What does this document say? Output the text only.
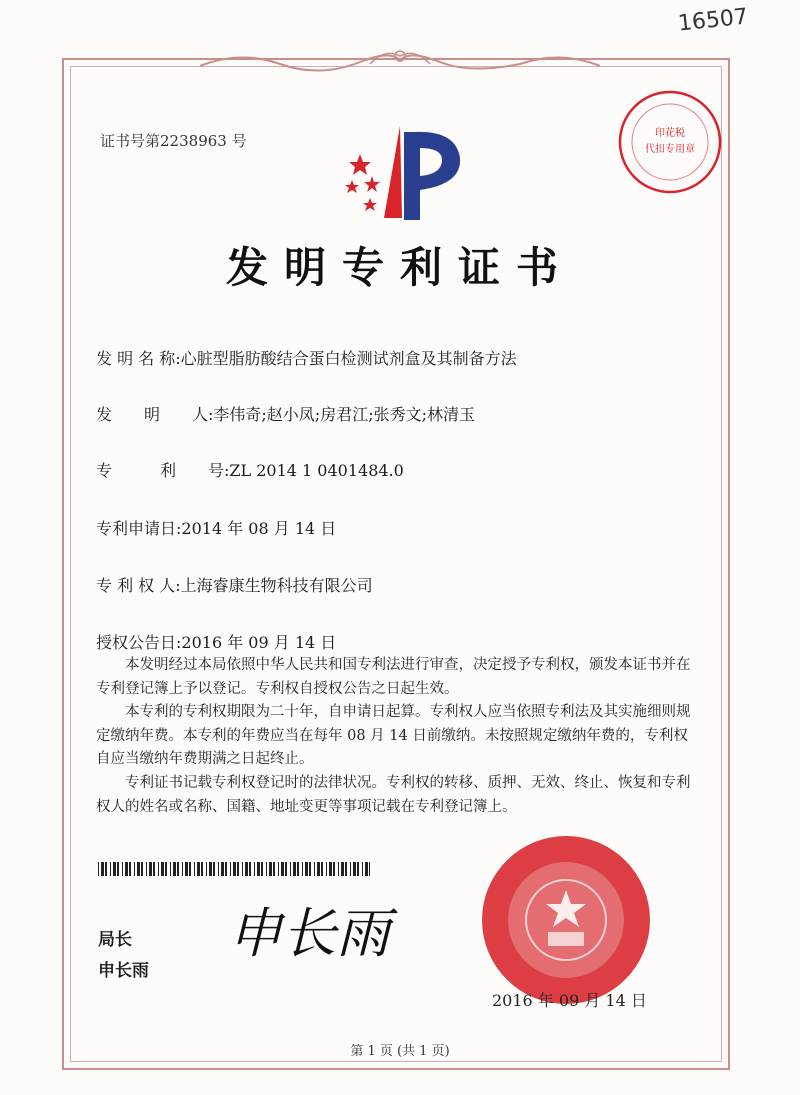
16507
证书号第2238963 号	印花税
代扣专用章
发明专利证书
发 明 名 称:心脏型脂肪酸结合蛋白检测试剂盒及其制备方法
发　　明　　人:李伟奇;赵小凤;房君江;张秀文;林清玉
专　　　利　　号:ZL 2014 1 0401484.0
专利申请日:2014 年 08 月 14 日
专 利 权 人:上海睿康生物科技有限公司
授权公告日:2016 年 09 月 14 日

本发明经过本局依照中华人民共和国专利法进行审查，决定授予专利权，颁发本证书并在专利登记簿上予以登记。专利权自授权公告之日起生效。

本专利的专利权期限为二十年，自申请日起算。专利权人应当依照专利法及其实施细则规定缴纳年费。本专利的年费应当在每年 08 月 14 日前缴纳。未按照规定缴纳年费的，专利权自应当缴纳年费期满之日起终止。

专利证书记载专利权登记时的法律状况。专利权的转移、质押、无效、终止、恢复和专利权人的姓名或名称、国籍、地址变更等事项记载在专利登记簿上。

局长
申长雨
申长雨
2016 年 09 月 14 日
第 1 页 (共 1 页)
